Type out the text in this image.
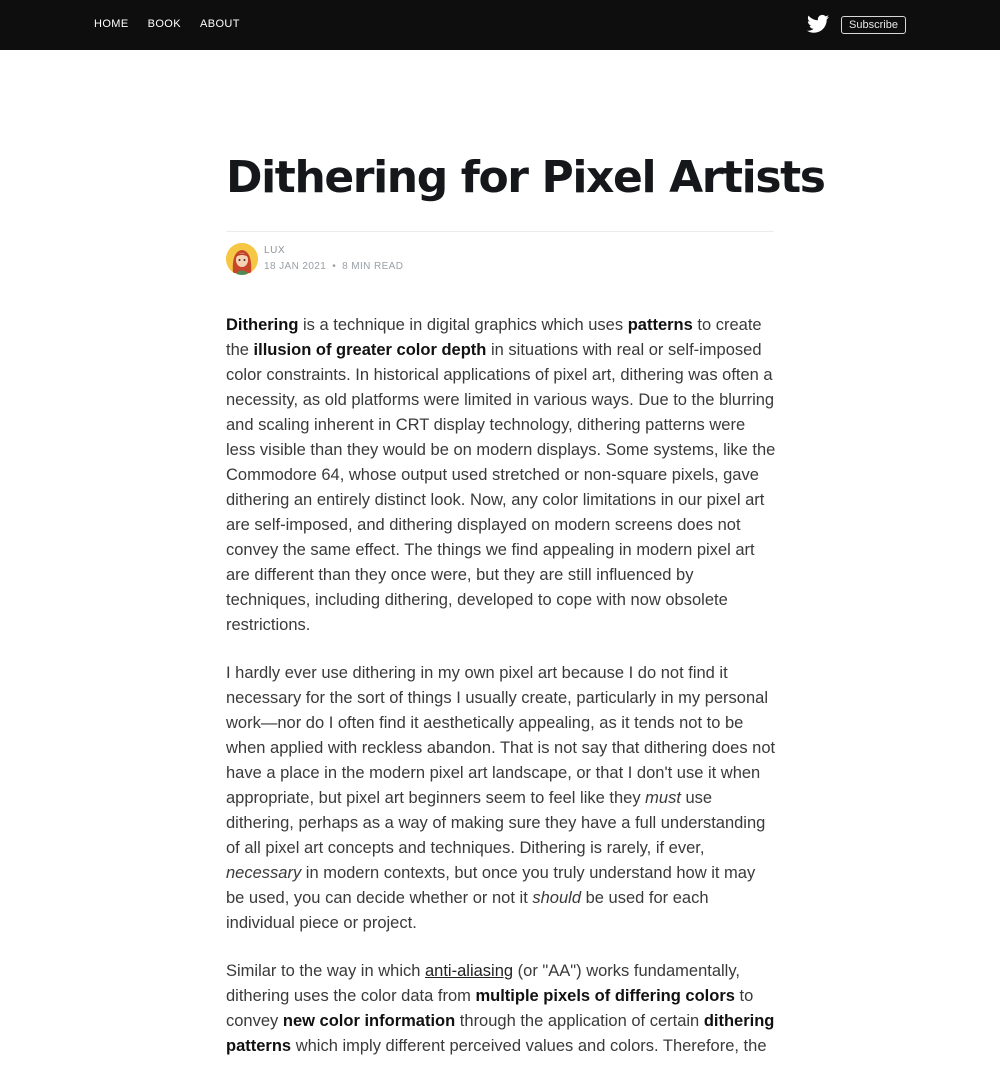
HOME BOOK ABOUT	Subscribe
Dithering for Pixel Artists
LUX
18 JAN 2021 • 8 MIN READ

Dithering is a technique in digital graphics which uses patterns to create the illusion of greater color depth in situations with real or self-imposed color constraints. In historical applications of pixel art, dithering was often a necessity, as old platforms were limited in various ways. Due to the blurring and scaling inherent in CRT display technology, dithering patterns were less visible than they would be on modern displays. Some systems, like the Commodore 64, whose output used stretched or non-square pixels, gave dithering an entirely distinct look. Now, any color limitations in our pixel art are self-imposed, and dithering displayed on modern screens does not convey the same effect. The things we find appealing in modern pixel art are different than they once were, but they are still influenced by techniques, including dithering, developed to cope with now obsolete restrictions.

I hardly ever use dithering in my own pixel art because I do not find it necessary for the sort of things I usually create, particularly in my personal work—nor do I often find it aesthetically appealing, as it tends not to be when applied with reckless abandon. That is not say that dithering does not have a place in the modern pixel art landscape, or that I don't use it when appropriate, but pixel art beginners seem to feel like they must use dithering, perhaps as a way of making sure they have a full understanding of all pixel art concepts and techniques. Dithering is rarely, if ever, necessary in modern contexts, but once you truly understand how it may be used, you can decide whether or not it should be used for each individual piece or project.

Similar to the way in which anti-aliasing (or "AA") works fundamentally, dithering uses the color data from multiple pixels of differing colors to convey new color information through the application of certain dithering patterns which imply different perceived values and colors. Therefore, the
